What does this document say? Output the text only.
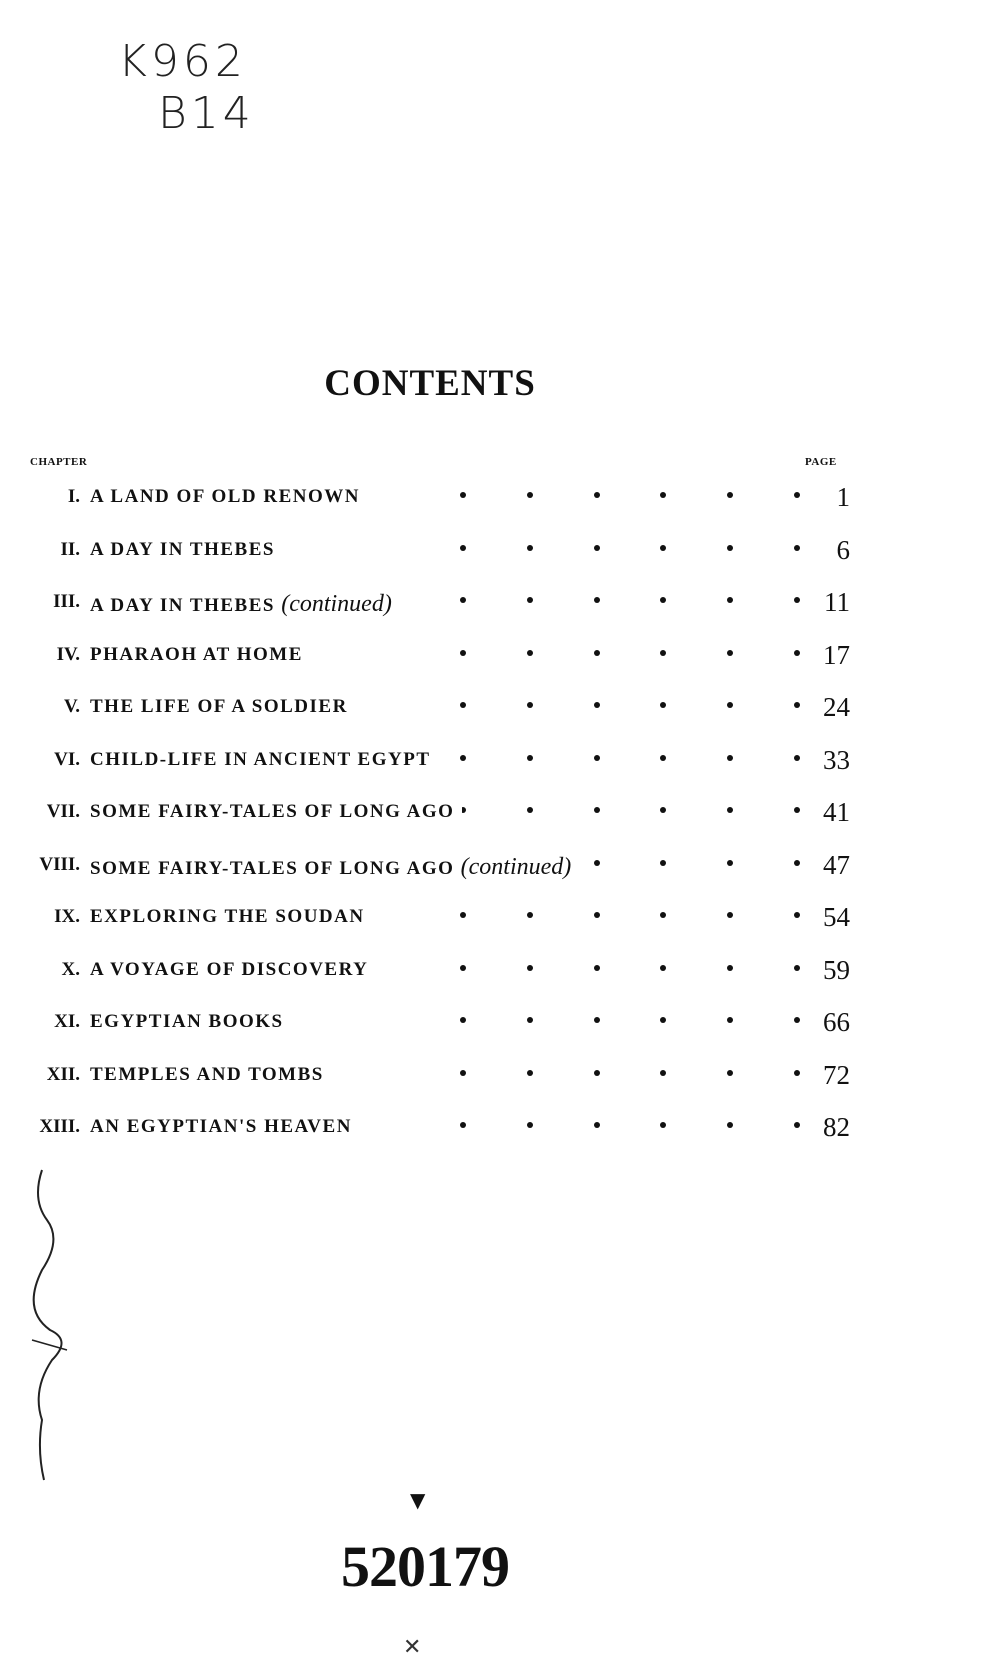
K962
B14
CONTENTS
CHAPTER	PAGE
I. A LAND OF OLD RENOWN	1
II. A DAY IN THEBES	6
III. A DAY IN THEBES (continued)	11
IV. PHARAOH AT HOME	17
V. THE LIFE OF A SOLDIER	24
VI. CHILD-LIFE IN ANCIENT EGYPT	33
VII. SOME FAIRY-TALES OF LONG AGO	41
VIII. SOME FAIRY-TALES OF LONG AGO (continued)	47
IX. EXPLORING THE SOUDAN	54
X. A VOYAGE OF DISCOVERY	59
XI. EGYPTIAN BOOKS	66
XII. TEMPLES AND TOMBS	72
XIII. AN EGYPTIAN'S HEAVEN	82
▼
520179
✕
